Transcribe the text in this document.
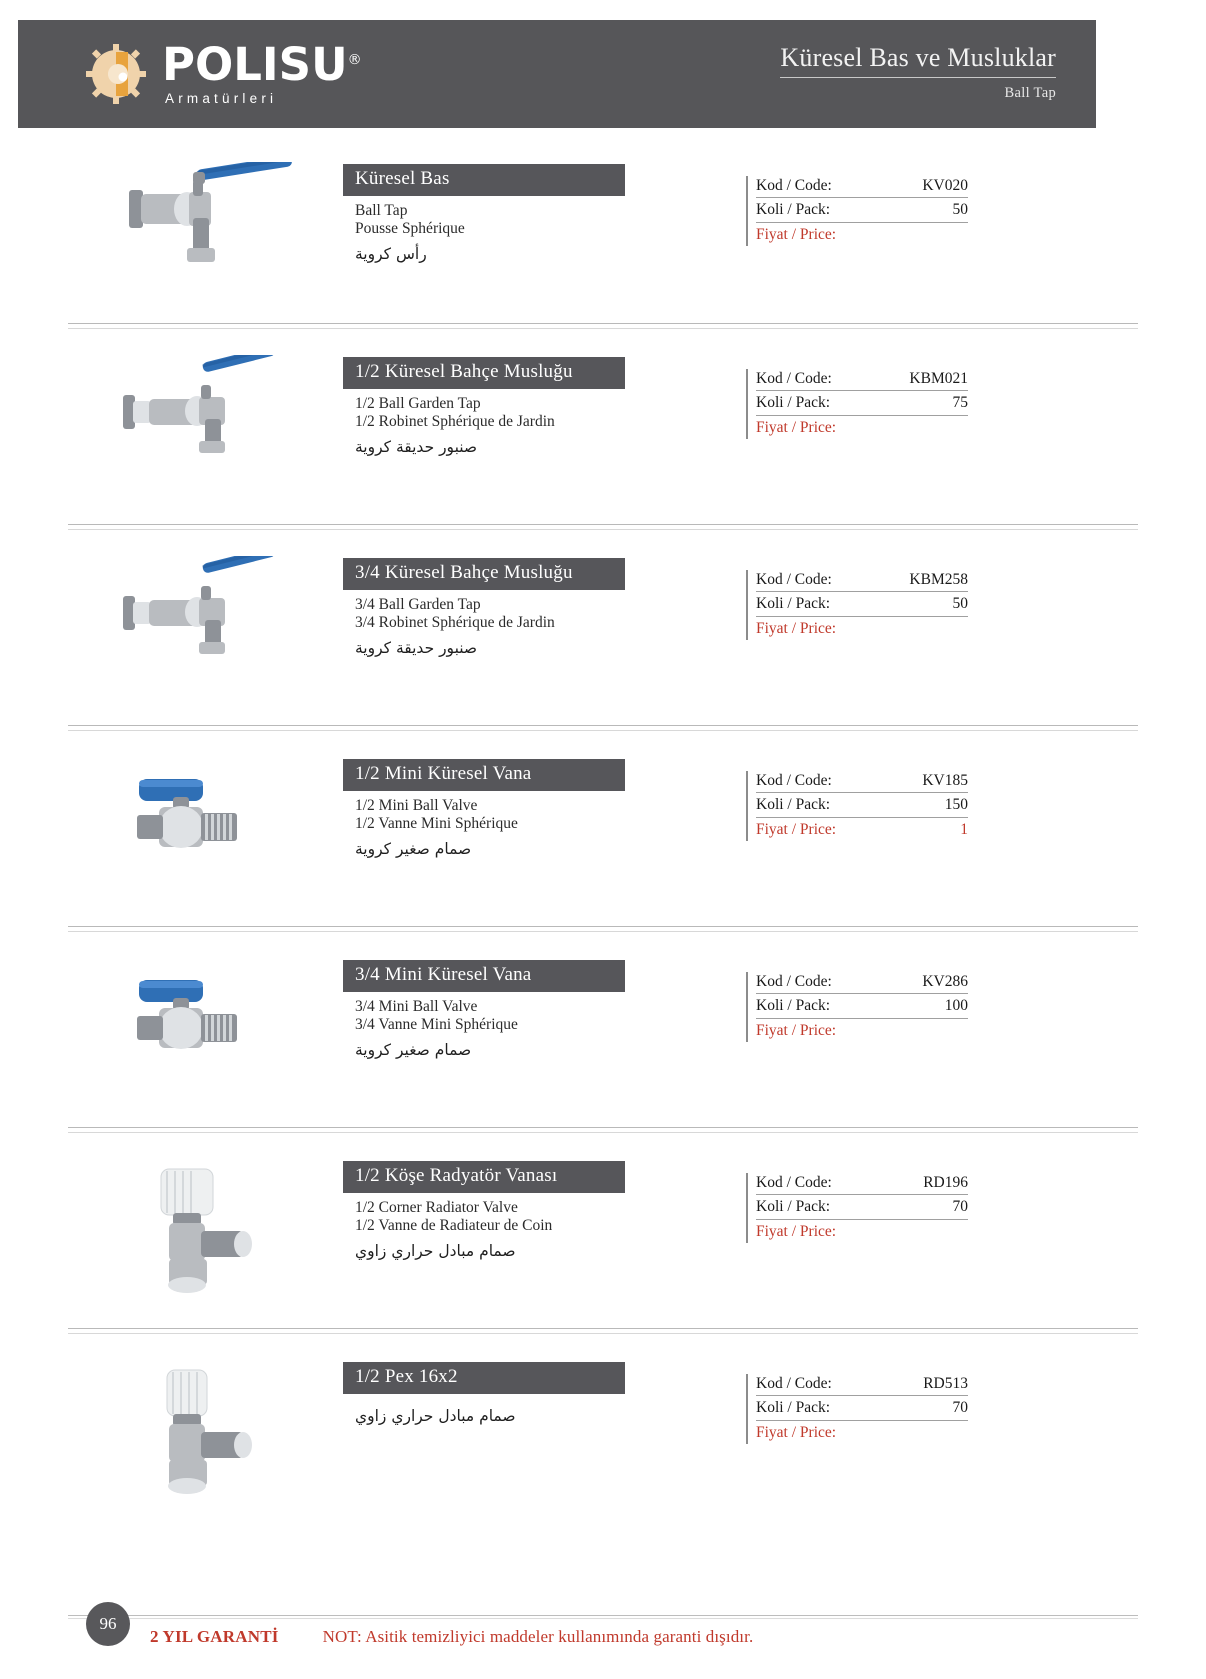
POLISU®
Armatürleri
Küresel Bas ve Musluklar
Ball Tap
Küresel Bas
Ball Tap
Pousse Sphérique
رأس كروية
Kod / Code:	KV020
Koli / Pack:	50
Fiyat / Price:
1/2 Küresel Bahçe Musluğu
1/2 Ball Garden Tap
1/2 Robinet Sphérique de Jardin
صنبور حديقة كروية
Kod / Code:	KBM021
Koli / Pack:	75
Fiyat / Price:
3/4 Küresel Bahçe Musluğu
3/4 Ball Garden Tap
3/4 Robinet Sphérique de Jardin
صنبور حديقة كروية
Kod / Code:	KBM258
Koli / Pack:	50
Fiyat / Price:
1/2 Mini Küresel Vana
1/2 Mini Ball Valve
1/2 Vanne Mini Sphérique
صمام صغير كروية
Kod / Code:	KV185
Koli / Pack:	150
Fiyat / Price:	1
3/4 Mini Küresel Vana
3/4 Mini Ball Valve
3/4 Vanne Mini Sphérique
صمام صغير كروية
Kod / Code:	KV286
Koli / Pack:	100
Fiyat / Price:
1/2 Köşe Radyatör Vanası
1/2 Corner Radiator Valve
1/2 Vanne de Radiateur de Coin
صمام مبادل حراري زاوي
Kod / Code:	RD196
Koli / Pack:	70
Fiyat / Price:
1/2 Pex 16x2
صمام مبادل حراري زاوي
Kod / Code:	RD513
Koli / Pack:	70
Fiyat / Price:
96
2 YIL GARANTİ	NOT: Asitik temizliyici maddeler kullanımında garanti dışıdır.
